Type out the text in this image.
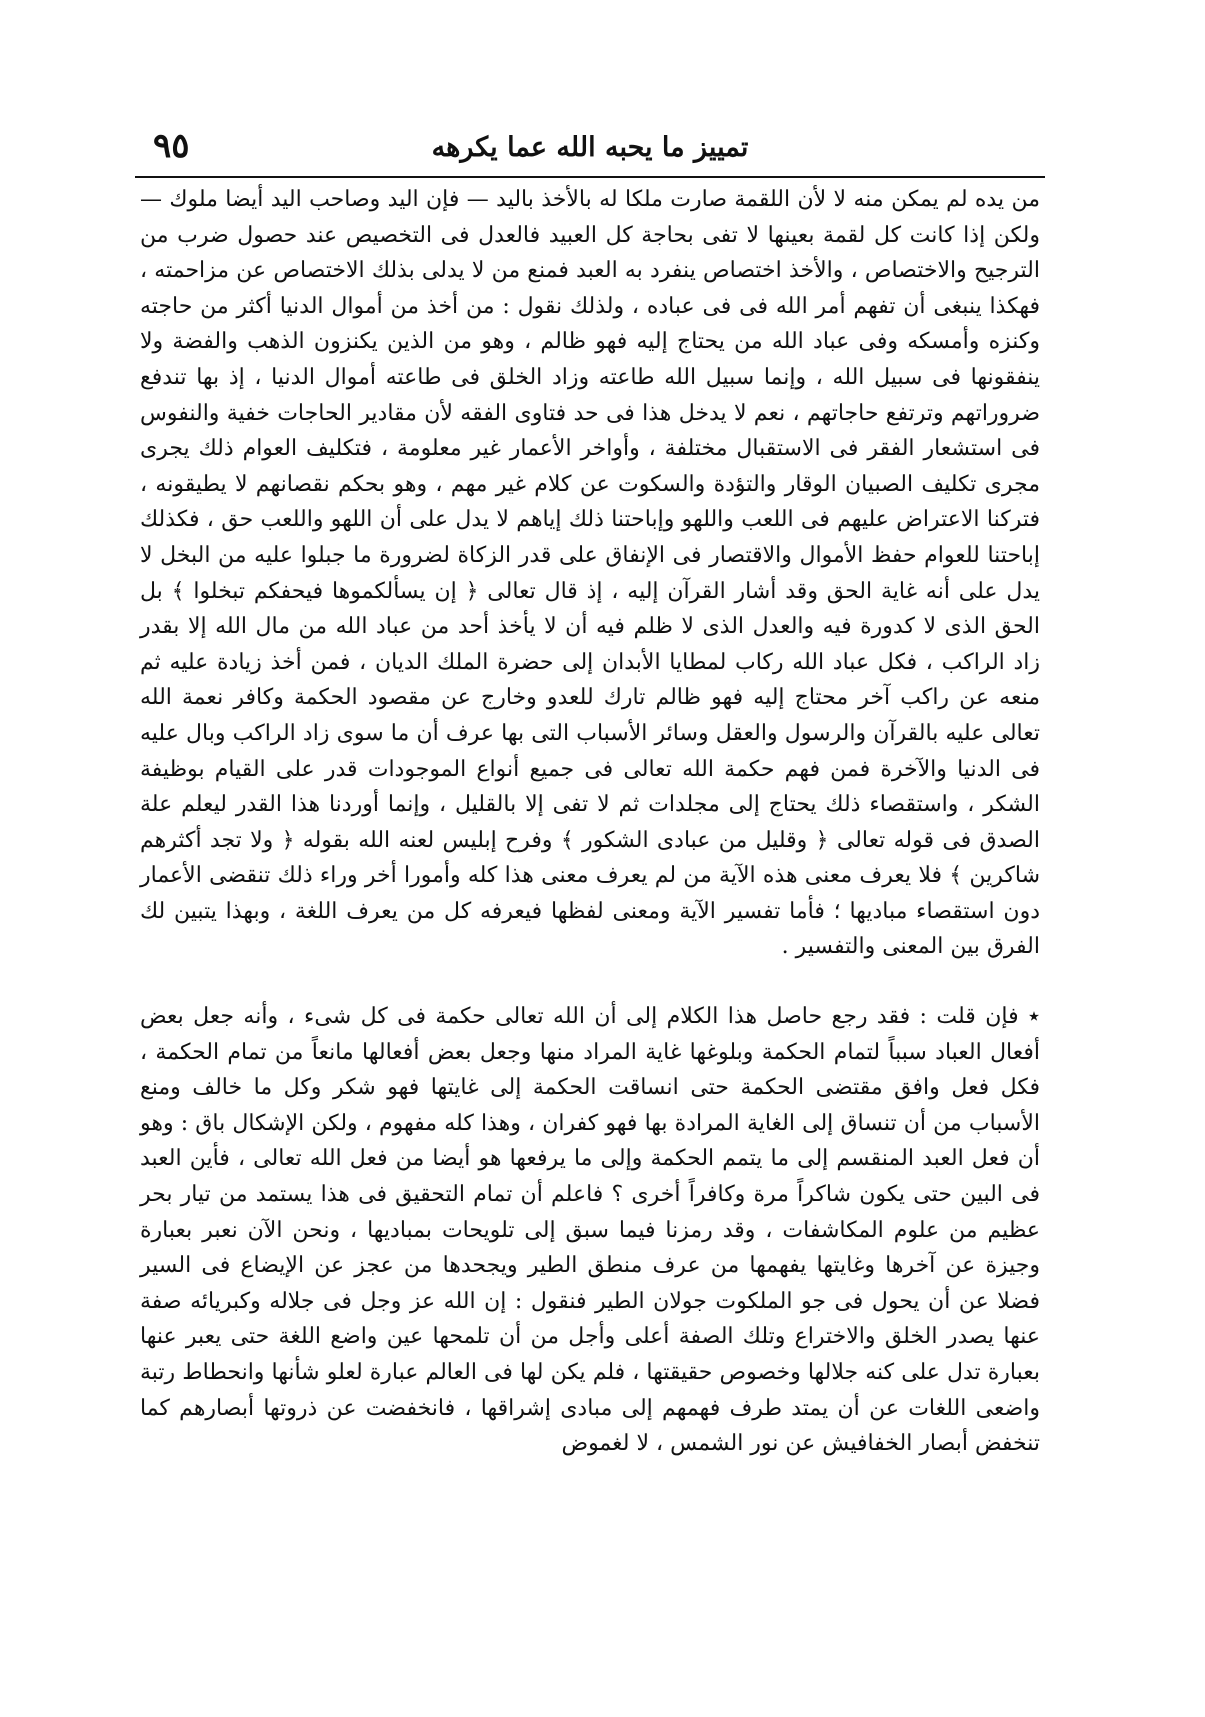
٩٥	تمييز ما يحبه الله عما يكرهه

من يده لم يمكن منه لا لأن اللقمة صارت ملكا له بالأخذ باليد — فإن اليد وصاحب اليد أيضا ملوك — ولكن إذا كانت كل لقمة بعينها لا تفى بحاجة كل العبيد فالعدل فى التخصيص عند حصول ضرب من الترجيح والاختصاص ، والأخذ اختصاص ينفرد به العبد فمنع من لا يدلى بذلك الاختصاص عن مزاحمته ، فهكذا ينبغى أن تفهم أمر الله فى فى عباده ، ولذلك نقول : من أخذ من أموال الدنيا أكثر من حاجته وكنزه وأمسكه وفى عباد الله من يحتاج إليه فهو ظالم ، وهو من الذين يكنزون الذهب والفضة ولا ينفقونها فى سبيل الله ، وإنما سبيل الله طاعته وزاد الخلق فى طاعته أموال الدنيا ، إذ بها تندفع ضروراتهم وترتفع حاجاتهم ، نعم لا يدخل هذا فى حد فتاوى الفقه لأن مقادير الحاجات خفية والنفوس فى استشعار الفقر فى الاستقبال مختلفة ، وأواخر الأعمار غير معلومة ، فتكليف العوام ذلك يجرى مجرى تكليف الصبيان الوقار والتؤدة والسكوت عن كلام غير مهم ، وهو بحكم نقصانهم لا يطيقونه ، فتركنا الاعتراض عليهم فى اللعب واللهو وإباحتنا ذلك إياهم لا يدل على أن اللهو واللعب حق ، فكذلك إباحتنا للعوام حفظ الأموال والاقتصار فى الإنفاق على قدر الزكاة لضرورة ما جبلوا عليه من البخل لا يدل على أنه غاية الحق وقد أشار القرآن إليه ، إذ قال تعالى ﴿ إن يسألكموها فيحفكم تبخلوا ﴾ بل الحق الذى لا كدورة فيه والعدل الذى لا ظلم فيه أن لا يأخذ أحد من عباد الله من مال الله إلا بقدر زاد الراكب ، فكل عباد الله ركاب لمطايا الأبدان إلى حضرة الملك الديان ، فمن أخذ زيادة عليه ثم منعه عن راكب آخر محتاج إليه فهو ظالم تارك للعدو وخارج عن مقصود الحكمة وكافر نعمة الله تعالى عليه بالقرآن والرسول والعقل وسائر الأسباب التى بها عرف أن ما سوى زاد الراكب وبال عليه فى الدنيا والآخرة فمن فهم حكمة الله تعالى فى جميع أنواع الموجودات قدر على القيام بوظيفة الشكر ، واستقصاء ذلك يحتاج إلى مجلدات ثم لا تفى إلا بالقليل ، وإنما أوردنا هذا القدر ليعلم علة الصدق فى قوله تعالى ﴿ وقليل من عبادى الشكور ﴾ وفرح إبليس لعنه الله بقوله ﴿ ولا تجد أكثرهم شاكرين ﴾ فلا يعرف معنى هذه الآية من لم يعرف معنى هذا كله وأمورا أخر وراء ذلك تنقضى الأعمار دون استقصاء مباديها ؛ فأما تفسير الآية ومعنى لفظها فيعرفه كل من يعرف اللغة ، وبهذا يتبين لك الفرق بين المعنى والتفسير .

٭ فإن قلت : فقد رجع حاصل هذا الكلام إلى أن الله تعالى حكمة فى كل شىء ، وأنه جعل بعض أفعال العباد سبباً لتمام الحكمة وبلوغها غاية المراد منها وجعل بعض أفعالها مانعاً من تمام الحكمة ، فكل فعل وافق مقتضى الحكمة حتى انساقت الحكمة إلى غايتها فهو شكر وكل ما خالف ومنع الأسباب من أن تنساق إلى الغاية المرادة بها فهو كفران ، وهذا كله مفهوم ، ولكن الإشكال باق : وهو أن فعل العبد المنقسم إلى ما يتمم الحكمة وإلى ما يرفعها هو أيضا من فعل الله تعالى ، فأين العبد فى البين حتى يكون شاكراً مرة وكافراً أخرى ؟ فاعلم أن تمام التحقيق فى هذا يستمد من تيار بحر عظيم من علوم المكاشفات ، وقد رمزنا فيما سبق إلى تلويحات بمباديها ، ونحن الآن نعبر بعبارة وجيزة عن آخرها وغايتها يفهمها من عرف منطق الطير ويجحدها من عجز عن الإيضاع فى السير فضلا عن أن يحول فى جو الملكوت جولان الطير فنقول : إن الله عز وجل فى جلاله وكبريائه صفة عنها يصدر الخلق والاختراع وتلك الصفة أعلى وأجل من أن تلمحها عين واضع اللغة حتى يعبر عنها بعبارة تدل على كنه جلالها وخصوص حقيقتها ، فلم يكن لها فى العالم عبارة لعلو شأنها وانحطاط رتبة واضعى اللغات عن أن يمتد طرف فهمهم إلى مبادى إشراقها ، فانخفضت عن ذروتها أبصارهم كما تنخفض أبصار الخفافيش عن نور الشمس ، لا لغموض
